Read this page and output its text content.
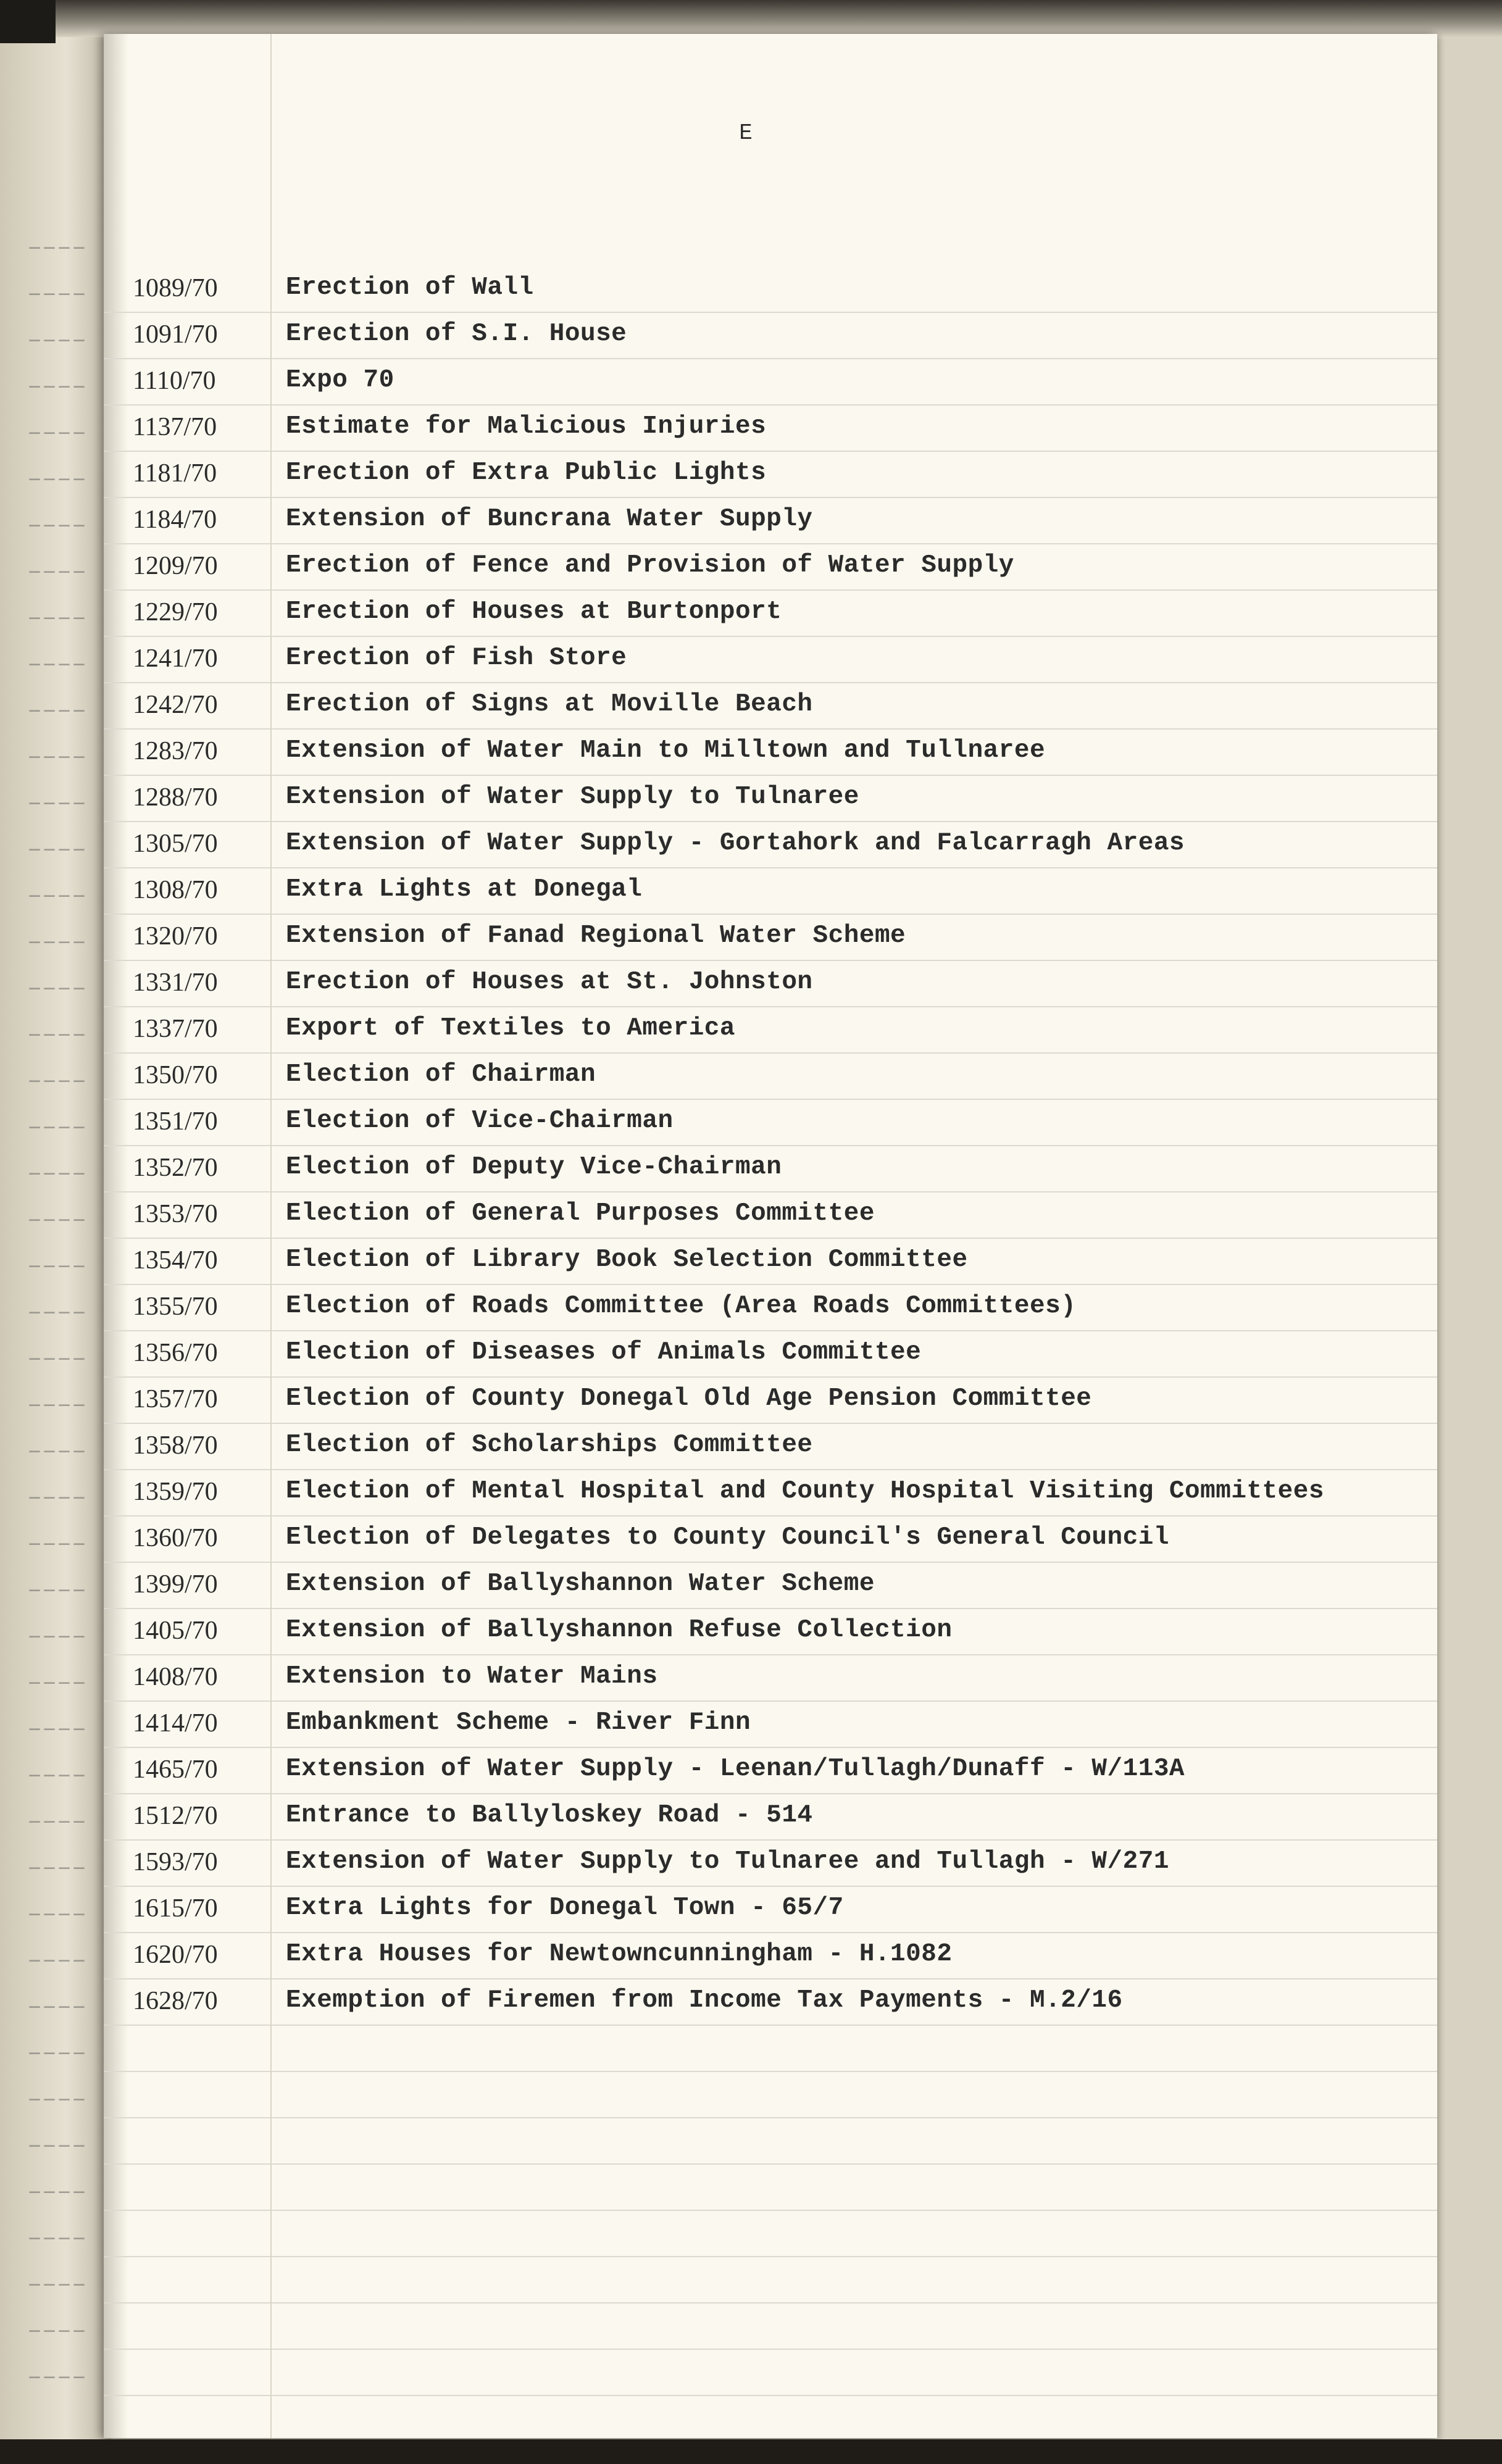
‒‒‒‒
‒‒‒‒
‒‒‒‒
‒‒‒‒
‒‒‒‒
‒‒‒‒
‒‒‒‒
‒‒‒‒
‒‒‒‒
‒‒‒‒
‒‒‒‒
‒‒‒‒
‒‒‒‒
‒‒‒‒
‒‒‒‒
‒‒‒‒
‒‒‒‒
‒‒‒‒
‒‒‒‒
‒‒‒‒
‒‒‒‒
‒‒‒‒
‒‒‒‒
‒‒‒‒
‒‒‒‒
‒‒‒‒
‒‒‒‒
‒‒‒‒
‒‒‒‒
‒‒‒‒
‒‒‒‒
‒‒‒‒
‒‒‒‒
‒‒‒‒
‒‒‒‒
‒‒‒‒
‒‒‒‒
‒‒‒‒
‒‒‒‒
‒‒‒‒
‒‒‒‒
‒‒‒‒
‒‒‒‒
‒‒‒‒
‒‒‒‒
‒‒‒‒
‒‒‒‒
E
1089/70	Erection of Wall
1091/70	Erection of S.I. House
1110/70	Expo 70
1137/70	Estimate for Malicious Injuries
1181/70	Erection of Extra Public Lights
1184/70	Extension of Buncrana Water Supply
1209/70	Erection of Fence and Provision of Water Supply
1229/70	Erection of Houses at Burtonport
1241/70	Erection of Fish Store
1242/70	Erection of Signs at Moville Beach
1283/70	Extension of Water Main to Milltown and Tullnaree
1288/70	Extension of Water Supply to Tulnaree
1305/70	Extension of Water Supply - Gortahork and Falcarragh Areas
1308/70	Extra Lights at Donegal
1320/70	Extension of Fanad Regional Water Scheme
1331/70	Erection of Houses at St. Johnston
1337/70	Export of Textiles to America
1350/70	Election of Chairman
1351/70	Election of Vice-Chairman
1352/70	Election of Deputy Vice-Chairman
1353/70	Election of General Purposes Committee
1354/70	Election of Library Book Selection Committee
1355/70	Election of Roads Committee (Area Roads Committees)
1356/70	Election of Diseases of Animals Committee
1357/70	Election of County Donegal Old Age Pension Committee
1358/70	Election of Scholarships Committee
1359/70	Election of Mental Hospital and County Hospital Visiting Committees
1360/70	Election of Delegates to County Council's General Council
1399/70	Extension of Ballyshannon Water Scheme
1405/70	Extension of Ballyshannon Refuse Collection
1408/70	Extension to Water Mains
1414/70	Embankment Scheme - River Finn
1465/70	Extension of Water Supply - Leenan/Tullagh/Dunaff - W/113A
1512/70	Entrance to Ballyloskey Road - 514
1593/70	Extension of Water Supply to Tulnaree and Tullagh - W/271
1615/70	Extra Lights for Donegal Town - 65/7
1620/70	Extra Houses for Newtowncunningham - H.1082
1628/70	Exemption of Firemen from Income Tax Payments - M.2/16
